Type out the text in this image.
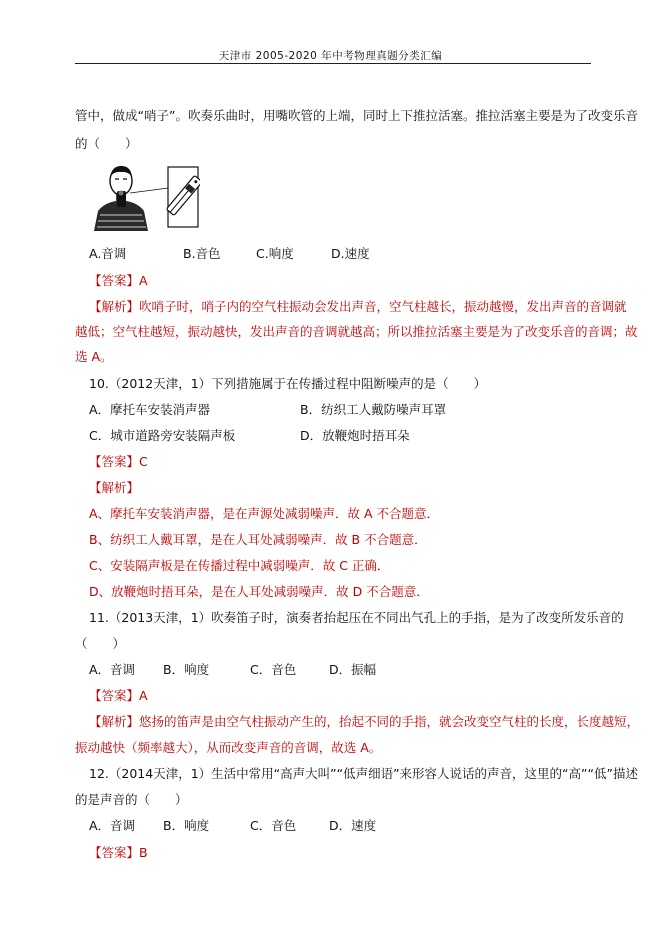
天津市 2005-2020 年中考物理真题分类汇编
管中，做成“哨子”。吹奏乐曲时，用嘴吹管的上端，同时上下推拉活塞。推拉活塞主要是为了改变乐音
的（　　）
A.音调	B.音色	C.响度	D.速度
【答案】A
【解析】吹哨子时，哨子内的空气柱振动会发出声音，空气柱越长，振动越慢，发出声音的音调就
越低；空气柱越短，振动越快，发出声音的音调就越高；所以推拉活塞主要是为了改变乐音的音调；故
选 A。
10.（2012天津，1）下列措施属于在传播过程中阻断噪声的是（　　）
A．摩托车安装消声器	B．纺织工人戴防噪声耳罩
C．城市道路旁安装隔声板	D．放鞭炮时捂耳朵
【答案】C
【解析】
A、摩托车安装消声器，是在声源处减弱噪声．故 A 不合题意．
B、纺织工人戴耳罩，是在人耳处减弱噪声．故 B 不合题意．
C、安装隔声板是在传播过程中减弱噪声．故 C 正确．
D、放鞭炮时捂耳朵，是在人耳处减弱噪声．故 D 不合题意．
11.（2013天津，1）吹奏笛子时，演奏者抬起压在不同出气孔上的手指，是为了改变所发乐音的
（　　）
A．音调 B．响度	C．音色	D．振幅
【答案】A
【解析】悠扬的笛声是由空气柱振动产生的，抬起不同的手指，就会改变空气柱的长度，长度越短，
振动越快（频率越大），从而改变声音的音调，故选 A。
12.（2014天津，1）生活中常用“高声大叫”“低声细语”来形容人说话的声音，这里的“高”“低”描述
的是声音的（　　）
A．音调 B．响度	C．音色	D．速度
【答案】B
